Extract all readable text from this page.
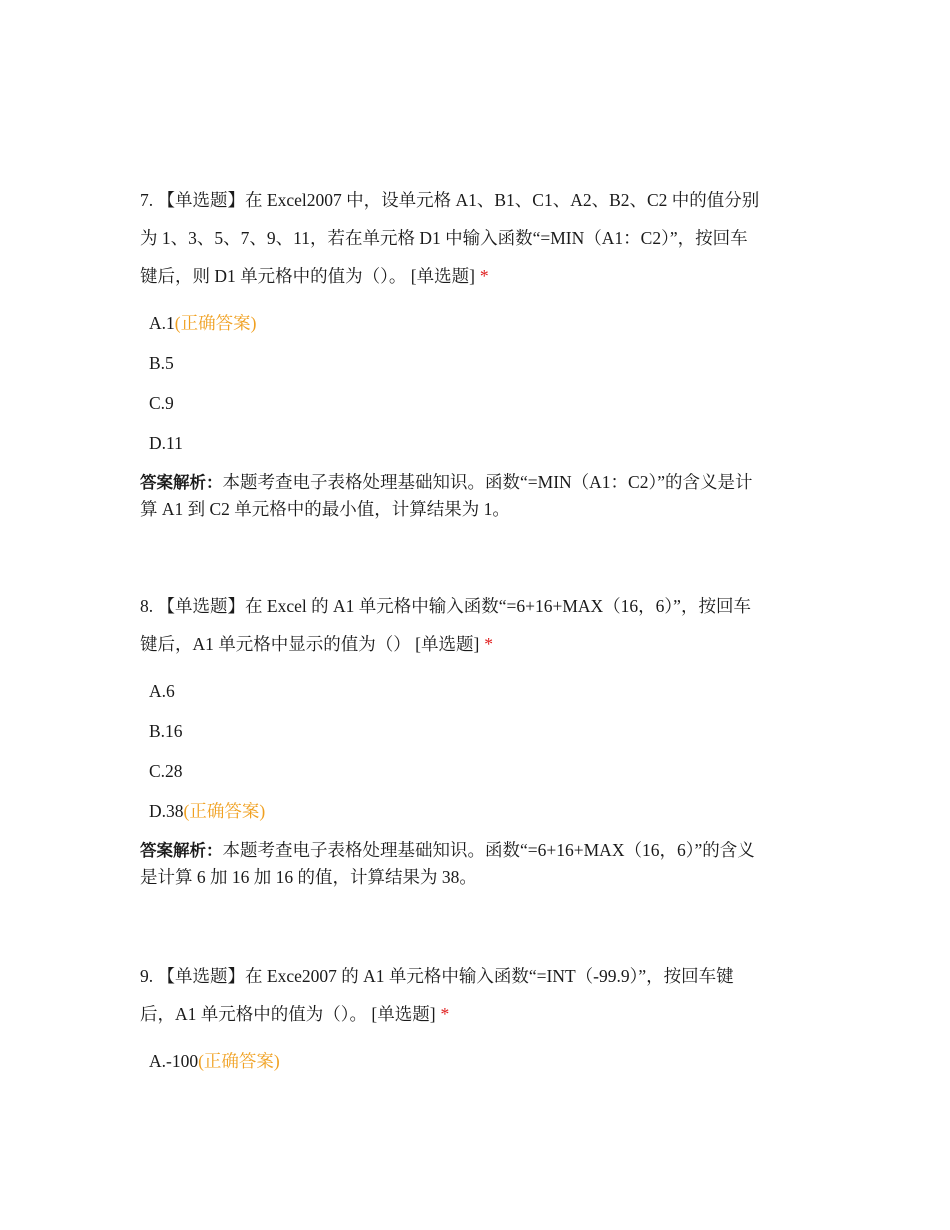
7. 【单选题】在 Excel2007 中，设单元格 A1、B1、C1、A2、B2、C2 中的值分别
为 1、3、5、7、9、11，若在单元格 D1 中输入函数“=MIN（A1：C2）”，按回车
键后，则 D1 单元格中的值为（）。 [单选题] *
A.1(正确答案)
B.5
C.9
D.11
答案解析：本题考查电子表格处理基础知识。函数“=MIN（A1：C2）”的含义是计
算 A1 到 C2 单元格中的最小值，计算结果为 1。
8. 【单选题】在 Excel 的 A1 单元格中输入函数“=6+16+MAX（16，6）”，按回车
键后，A1 单元格中显示的值为（） [单选题] *
A.6
B.16
C.28
D.38(正确答案)
答案解析：本题考查电子表格处理基础知识。函数“=6+16+MAX（16，6）”的含义
是计算 6 加 16 加 16 的值，计算结果为 38。
9. 【单选题】在 Exce2007 的 A1 单元格中输入函数“=INT（-99.9）”，按回车键
后，A1 单元格中的值为（）。 [单选题] *
A.-100(正确答案)
